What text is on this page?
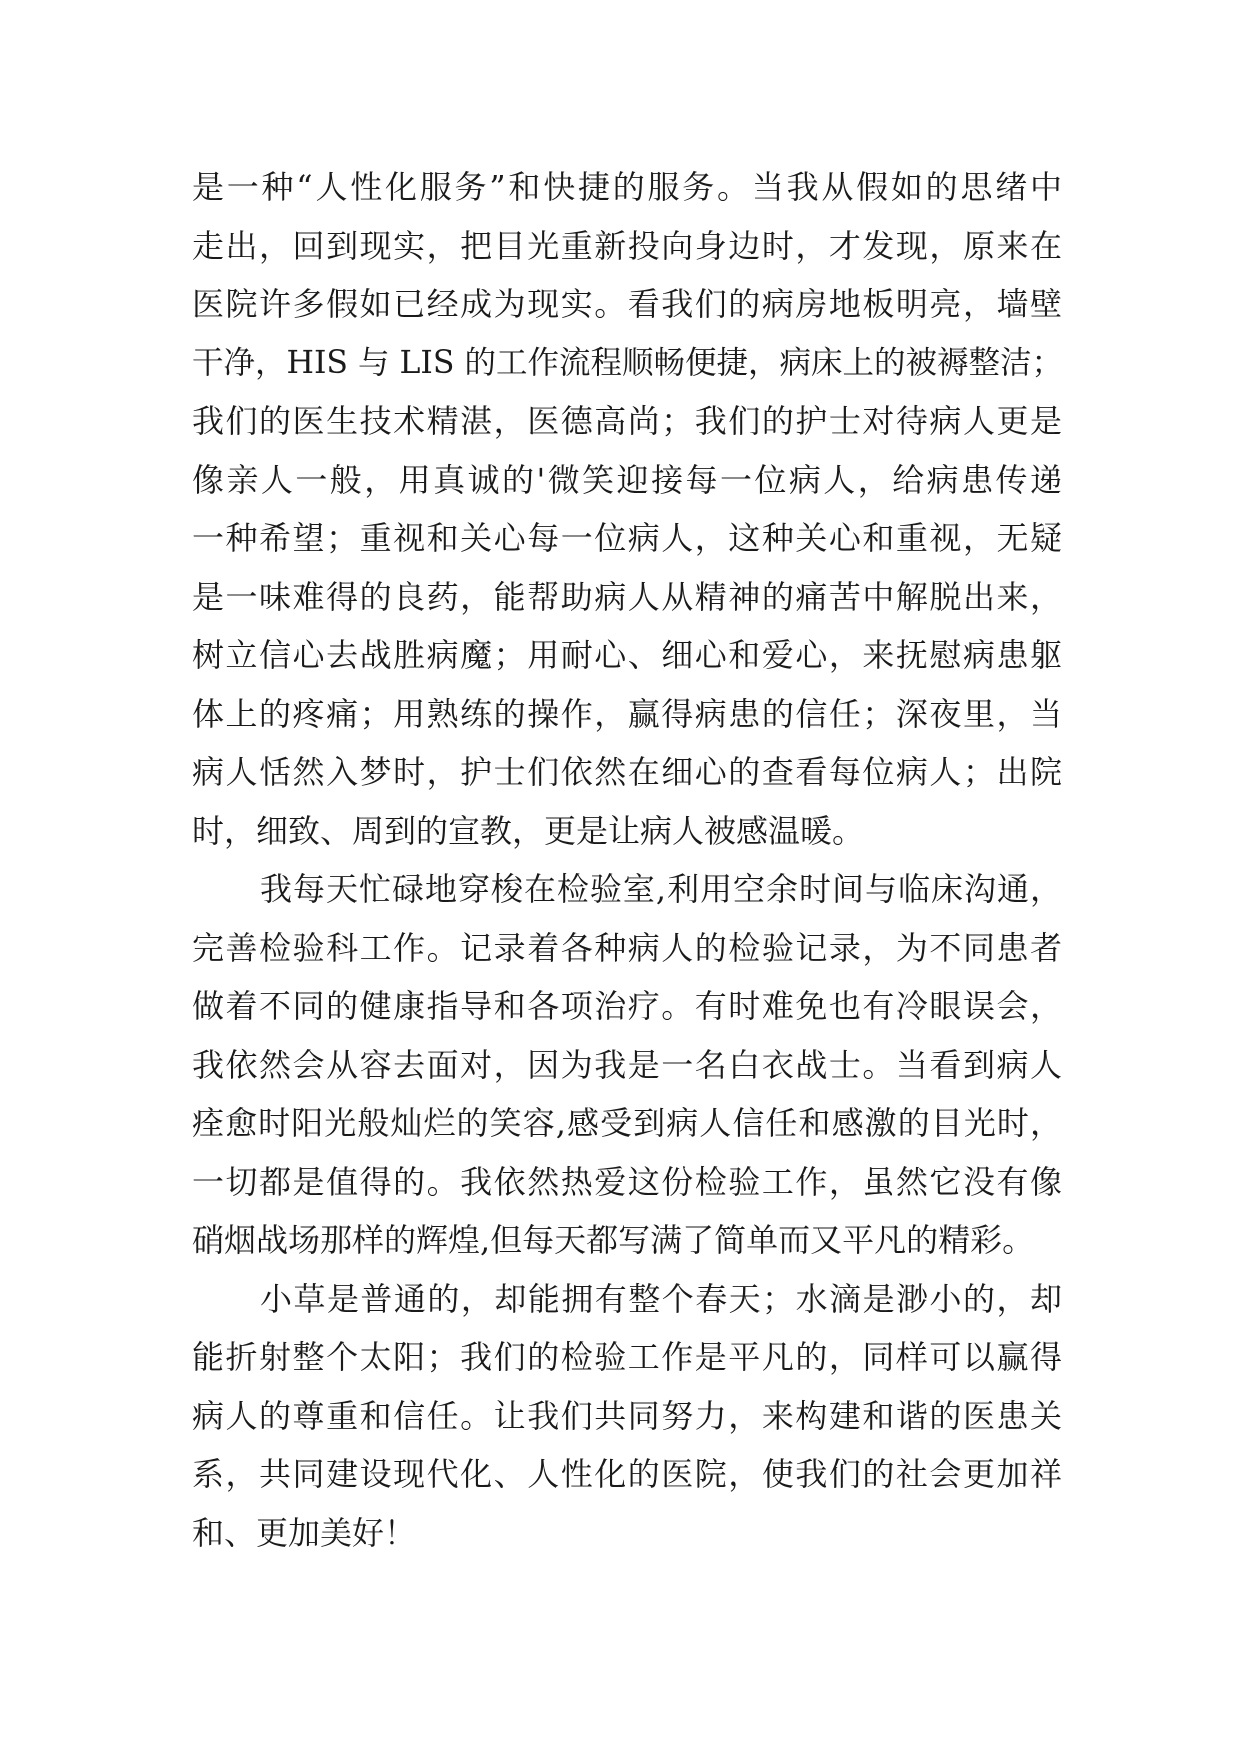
是一种“人性化服务”和快捷的服务。当我从假如的思绪中
走出，回到现实，把目光重新投向身边时，才发现，原来在
医院许多假如已经成为现实。看我们的病房地板明亮，墙壁
干净，HIS 与 LIS 的工作流程顺畅便捷，病床上的被褥整洁；
我们的医生技术精湛，医德高尚；我们的护士对待病人更是
像亲人一般，用真诚的'微笑迎接每一位病人，给病患传递
一种希望；重视和关心每一位病人，这种关心和重视，无疑
是一味难得的良药，能帮助病人从精神的痛苦中解脱出来，
树立信心去战胜病魔；用耐心、细心和爱心，来抚慰病患躯
体上的疼痛；用熟练的操作，赢得病患的信任；深夜里，当
病人恬然入梦时，护士们依然在细心的查看每位病人；出院
时，细致、周到的宣教，更是让病人被感温暖。
我每天忙碌地穿梭在检验室,利用空余时间与临床沟通，
完善检验科工作。记录着各种病人的检验记录，为不同患者
做着不同的健康指导和各项治疗。有时难免也有冷眼误会，
我依然会从容去面对，因为我是一名白衣战士。当看到病人
痊愈时阳光般灿烂的笑容,感受到病人信任和感激的目光时，
一切都是值得的。我依然热爱这份检验工作，虽然它没有像
硝烟战场那样的辉煌,但每天都写满了简单而又平凡的精彩。
小草是普通的，却能拥有整个春天；水滴是渺小的，却
能折射整个太阳；我们的检验工作是平凡的，同样可以赢得
病人的尊重和信任。让我们共同努力，来构建和谐的医患关
系，共同建设现代化、人性化的医院，使我们的社会更加祥
和、更加美好！
